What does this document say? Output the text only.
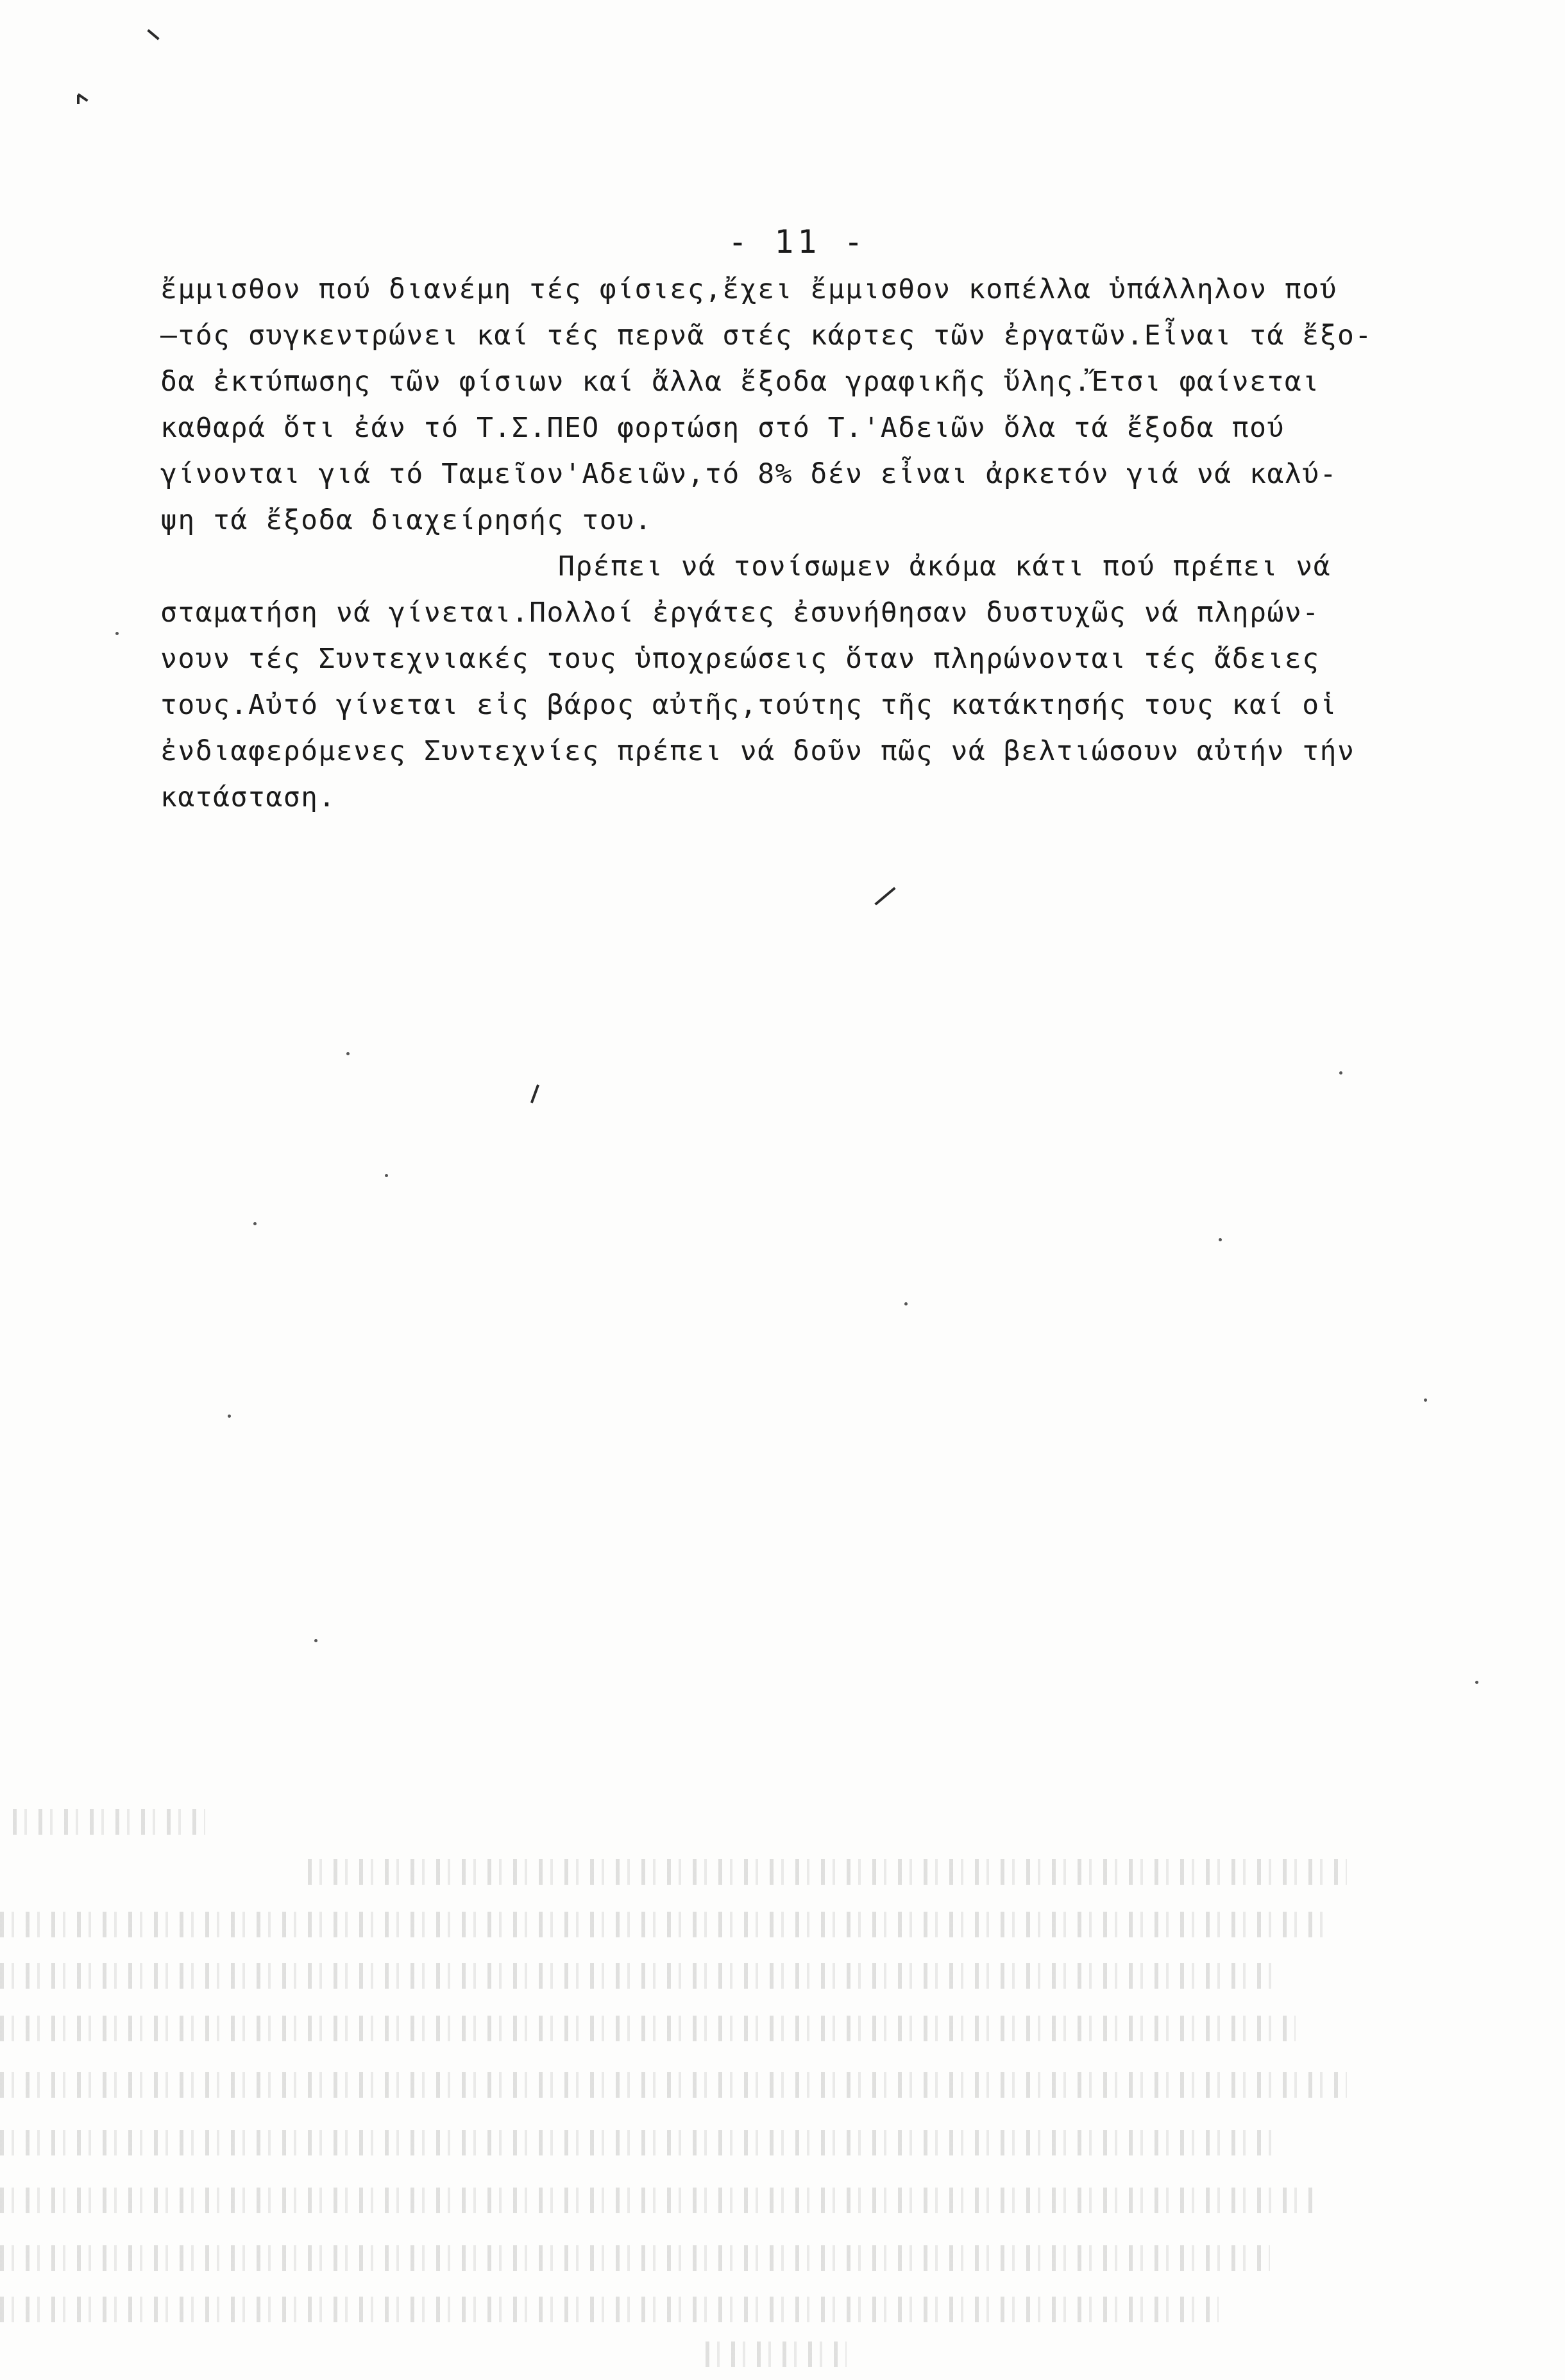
- 11 -
ἔμμισθον πού διανέμη τές φίσιες,ἔχει ἔμμισθον κοπέλλα ὑπάλληλον πού
—τός συγκεντρώνει καί τές περνᾶ στές κάρτες τῶν ἐργατῶν.Εἶναι τά ἔξο-
δα ἐκτύπωσης τῶν φίσιων καί ἄλλα ἔξοδα γραφικῆς ὕλης.Ἔτσι φαίνεται
καθαρά ὅτι ἐάν τό Τ.Σ.ΠΕΟ φορτώση στό Τ.'Αδειῶν ὅλα τά ἔξοδα πού
γίνονται γιά τό Ταμεῖον'Αδειῶν,τό 8% δέν εἶναι ἀρκετόν γιά νά καλύ-
ψη τά ἔξοδα διαχείρησής του.
Πρέπει νά τονίσωμεν ἀκόμα κάτι πού πρέπει νά
σταματήση νά γίνεται.Πολλοί ἐργάτες ἐσυνήθησαν δυστυχῶς νά πληρών-
νουν τές Συντεχνιακές τους ὑποχρεώσεις ὅταν πληρώνονται τές ἄδειες
τους.Αὐτό γίνεται εἰς βάρος αὐτῆς,τούτης τῆς κατάκτησής τους καί οἱ
ἐνδιαφερόμενες Συντεχνίες πρέπει νά δοῦν πῶς νά βελτιώσουν αὐτήν τήν
κατάσταση.
